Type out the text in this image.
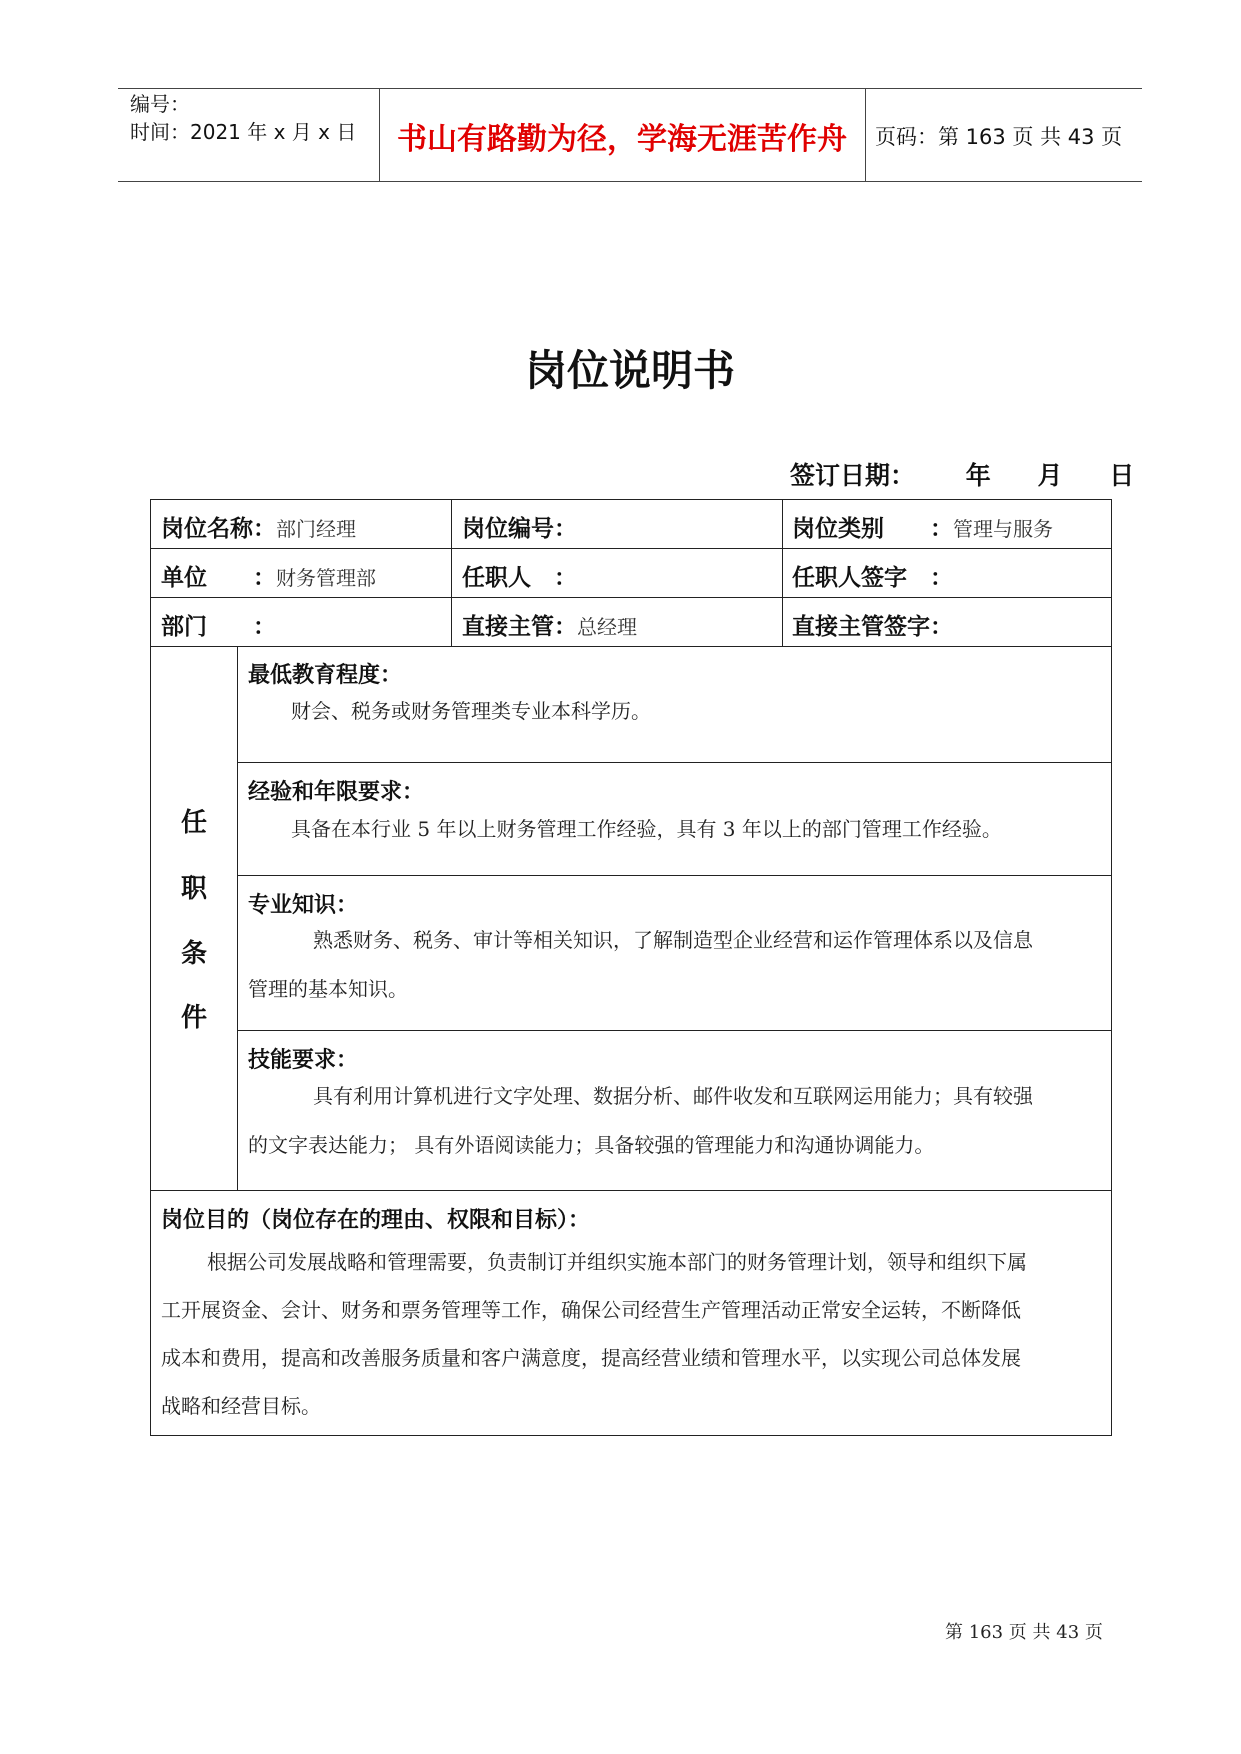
编号：
时间：2021 年 x 月 x 日	书山有路勤为径，学海无涯苦作舟	页码：第 163 页 共 43 页
岗位说明书
签订日期： 年 月 日
岗位名称：部门经理	岗位编号：	岗位类别　　：管理与服务
单位　　：财务管理部	任职人　：	任职人签字　：
部门　　：	直接主管：总经理	直接主管签字：
任
职
条
件
最低教育程度：
财会、税务或财务管理类专业本科学历。
经验和年限要求：
具备在本行业 5 年以上财务管理工作经验，具有 3 年以上的部门管理工作经验。
专业知识：
熟悉财务、税务、审计等相关知识，了解制造型企业经营和运作管理体系以及信息
管理的基本知识。
技能要求：
具有利用计算机进行文字处理、数据分析、邮件收发和互联网运用能力；具有较强
的文字表达能力； 具有外语阅读能力；具备较强的管理能力和沟通协调能力。
岗位目的（岗位存在的理由、权限和目标）：
根据公司发展战略和管理需要，负责制订并组织实施本部门的财务管理计划，领导和组织下属
工开展资金、会计、财务和票务管理等工作，确保公司经营生产管理活动正常安全运转，不断降低
成本和费用，提高和改善服务质量和客户满意度，提高经营业绩和管理水平，以实现公司总体发展
战略和经营目标。
第 163 页 共 43 页
